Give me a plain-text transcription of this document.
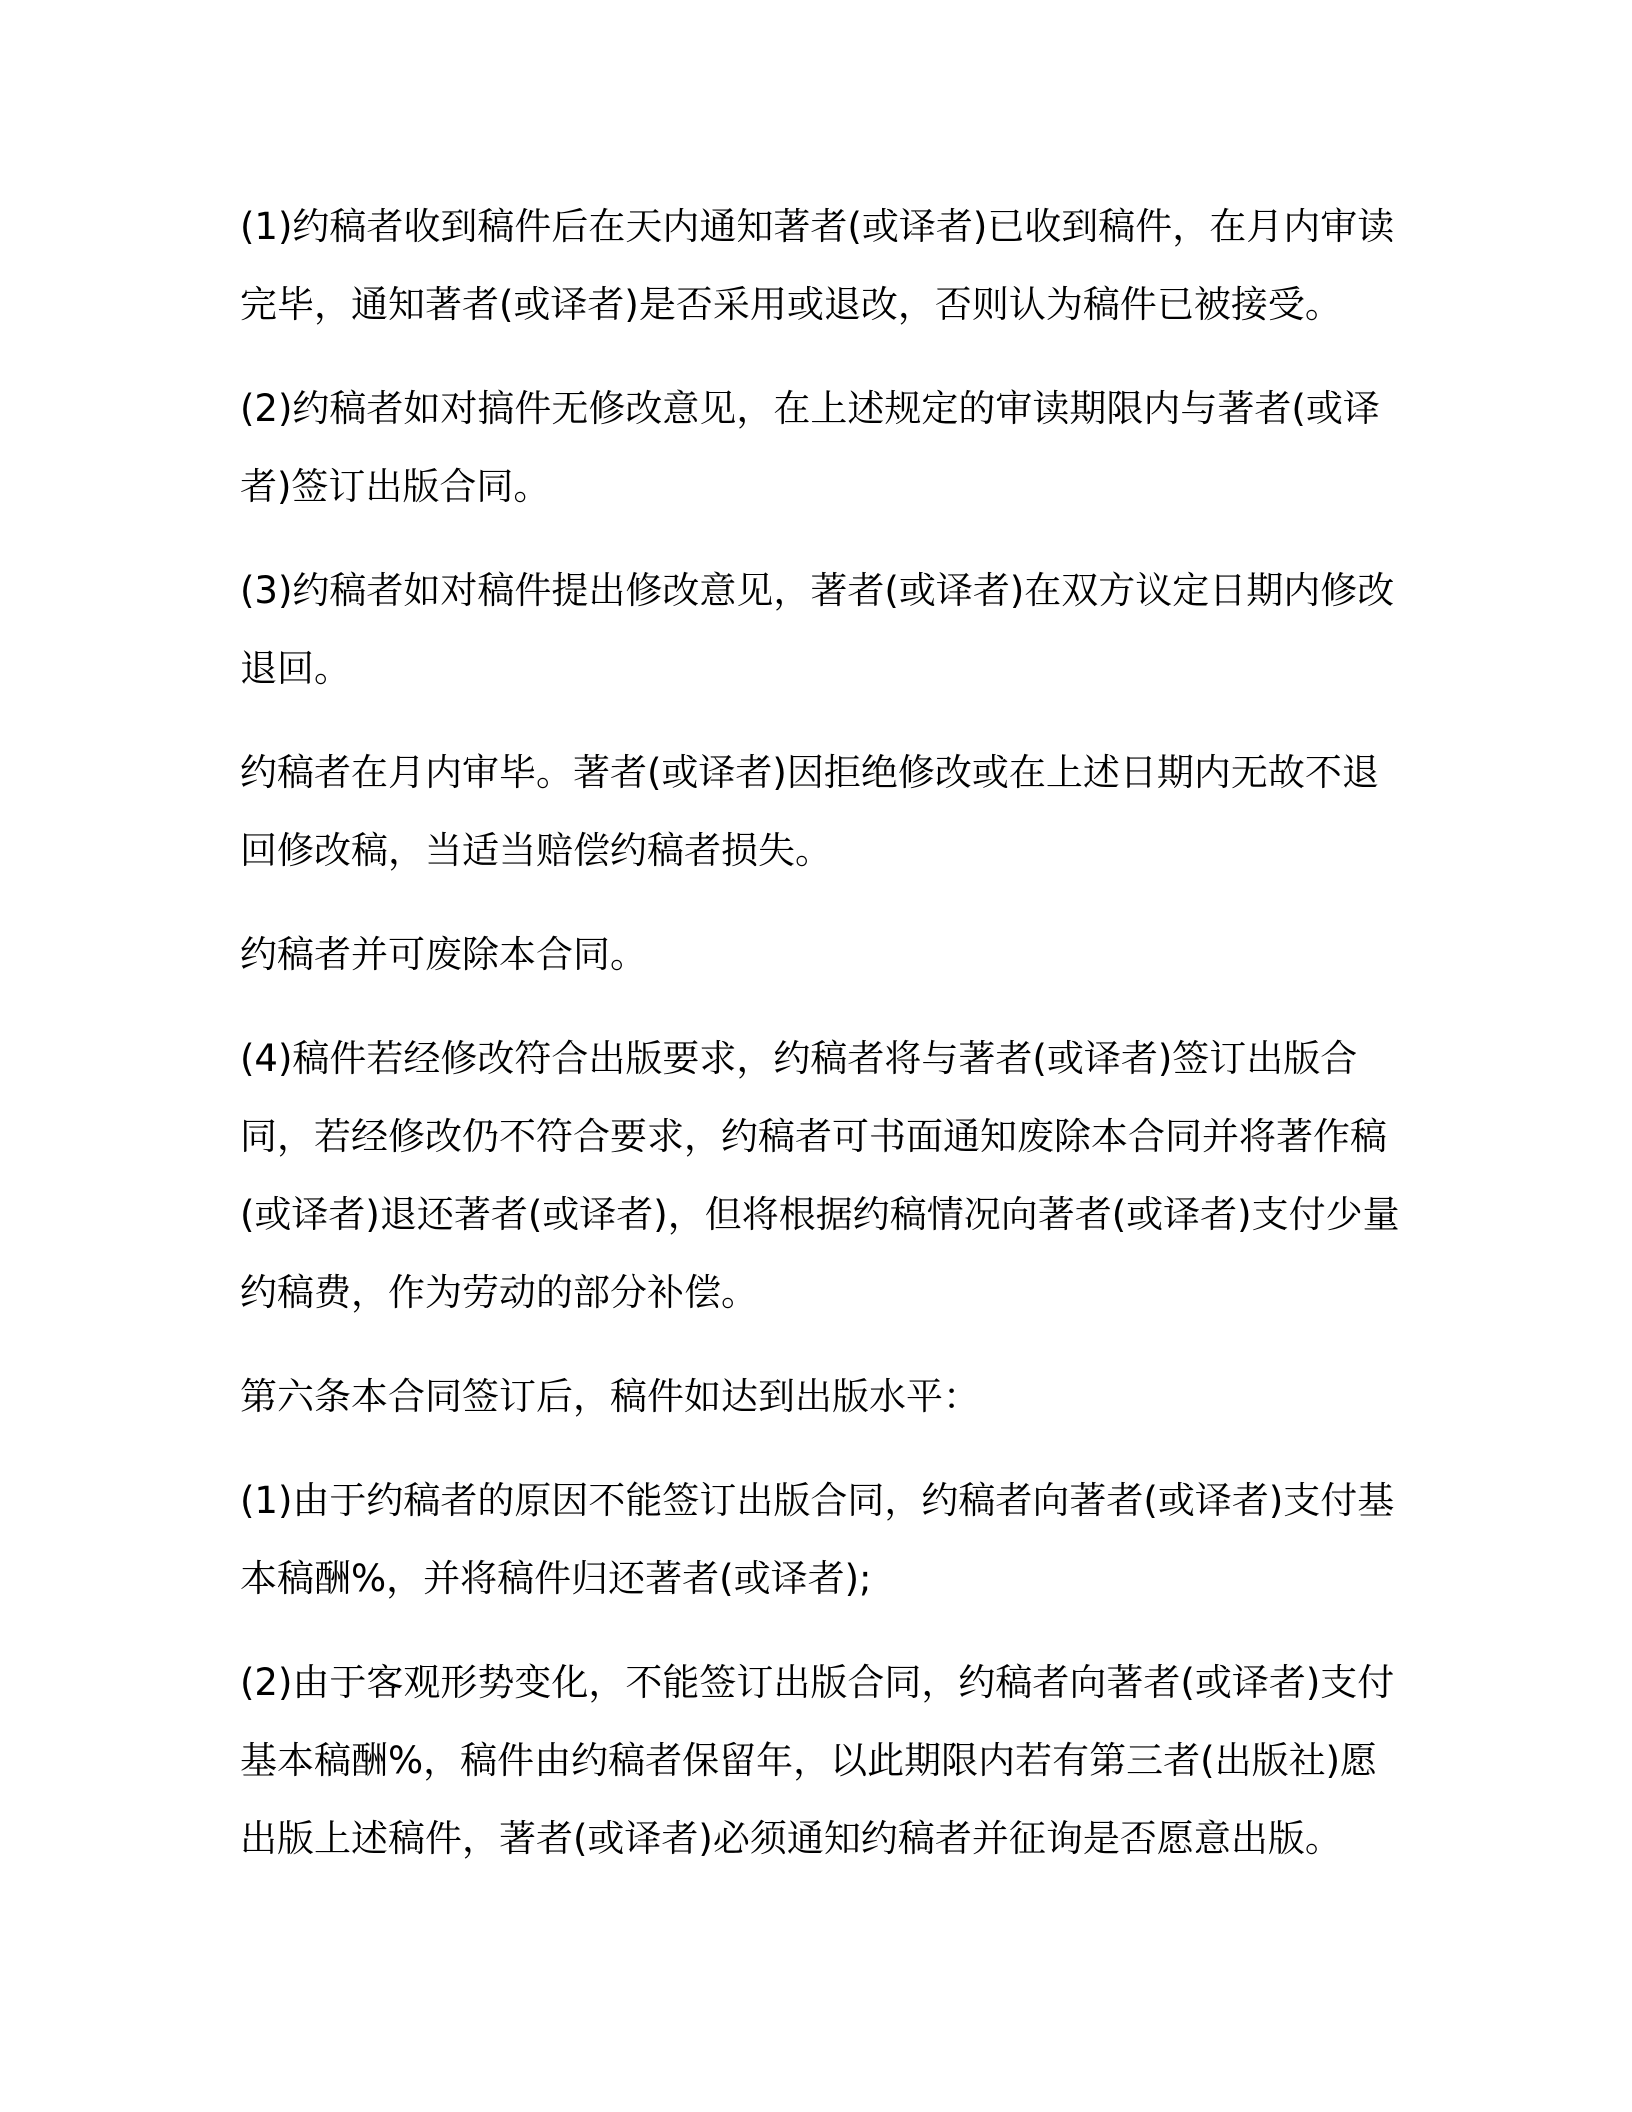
(1)约稿者收到稿件后在天内通知著者(或译者)已收到稿件，在月内审读完毕，通知著者(或译者)是否采用或退改，否则认为稿件已被接受。

(2)约稿者如对搞件无修改意见，在上述规定的审读期限内与著者(或译者)签订出版合同。

(3)约稿者如对稿件提出修改意见，著者(或译者)在双方议定日期内修改退回。

约稿者在月内审毕。著者(或译者)因拒绝修改或在上述日期内无故不退回修改稿，当适当赔偿约稿者损失。

约稿者并可废除本合同。

(4)稿件若经修改符合出版要求，约稿者将与著者(或译者)签订出版合同，若经修改仍不符合要求，约稿者可书面通知废除本合同并将著作稿(或译者)退还著者(或译者)，但将根据约稿情况向著者(或译者)支付少量约稿费，作为劳动的部分补偿。

第六条本合同签订后，稿件如达到出版水平：

(1)由于约稿者的原因不能签订出版合同，约稿者向著者(或译者)支付基本稿酬%，并将稿件归还著者(或译者);

(2)由于客观形势变化，不能签订出版合同，约稿者向著者(或译者)支付基本稿酬%，稿件由约稿者保留年，以此期限内若有第三者(出版社)愿出版上述稿件，著者(或译者)必须通知约稿者并征询是否愿意出版。
